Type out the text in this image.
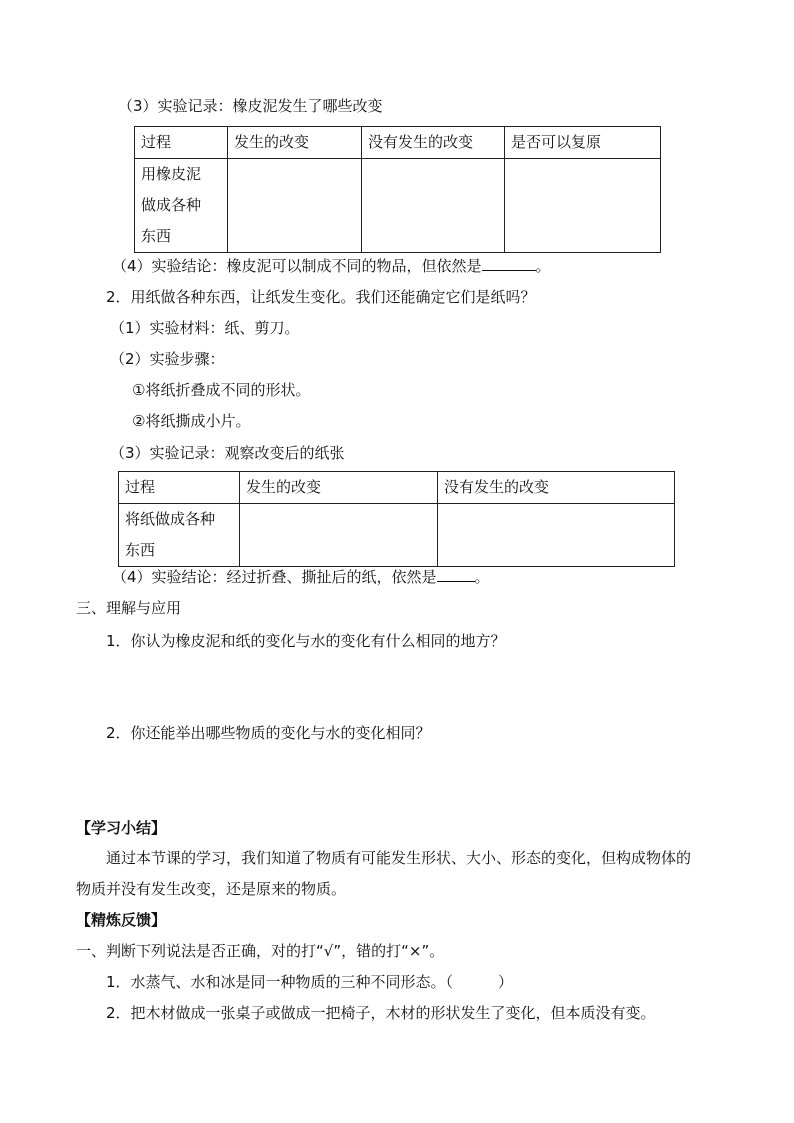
（3）实验记录：橡皮泥发生了哪些改变
过程	发生的改变	没有发生的改变	是否可以复原
用橡皮泥
做成各种
东西			
（4）实验结论：橡皮泥可以制成不同的物品，但依然是	。
2．用纸做各种东西，让纸发生变化。我们还能确定它们是纸吗？
（1）实验材料：纸、剪刀。
（2）实验步骤：
①将纸折叠成不同的形状。
②将纸撕成小片。
（3）实验记录：观察改变后的纸张
过程	发生的改变	没有发生的改变
将纸做成各种
东西		
（4）实验结论：经过折叠、撕扯后的纸，依然是	。
三、理解与应用
1．你认为橡皮泥和纸的变化与水的变化有什么相同的地方？
2．你还能举出哪些物质的变化与水的变化相同？
【学习小结】
通过本节课的学习，我们知道了物质有可能发生形状、大小、形态的变化，但构成物体的
物质并没有发生改变，还是原来的物质。
【精炼反馈】
一、判断下列说法是否正确，对的打“√”，错的打“×”。
1．水蒸气、水和冰是同一种物质的三种不同形态。（　　　）
2．把木材做成一张桌子或做成一把椅子，木材的形状发生了变化，但本质没有变。
